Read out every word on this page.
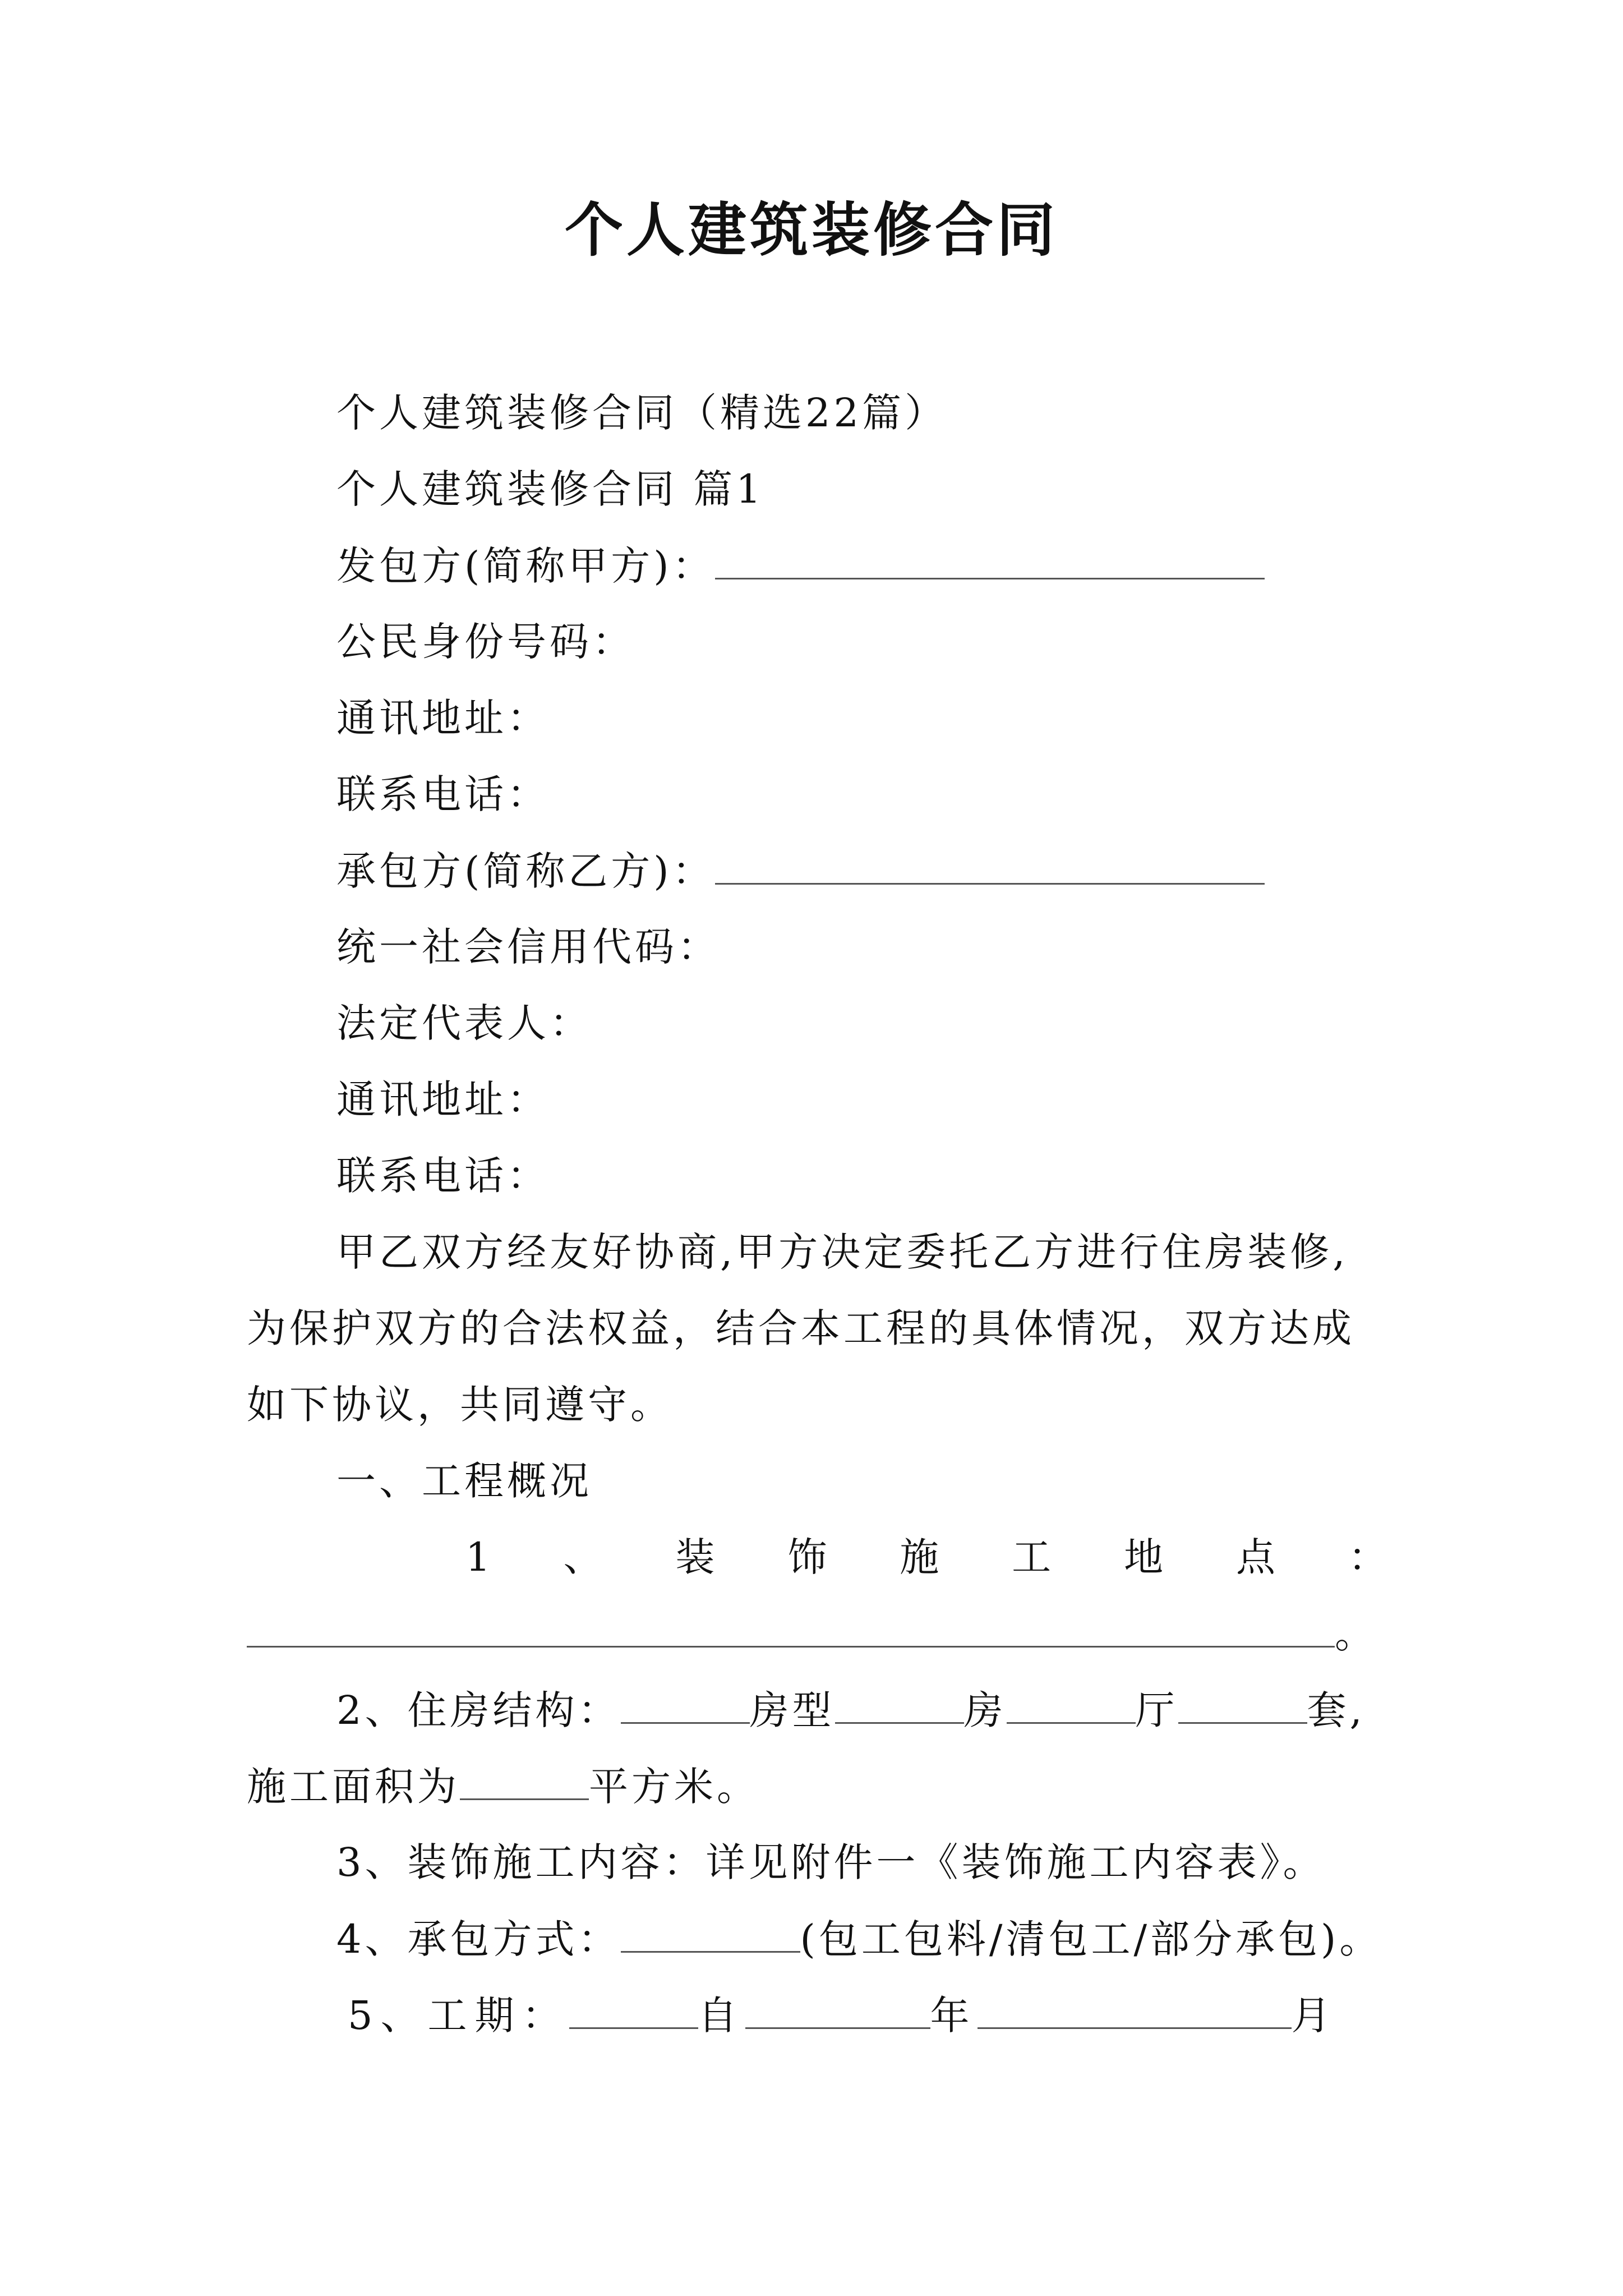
个人建筑装修合同
个人建筑装修合同（精选22篇）
个人建筑装修合同 篇1
发包方(简称甲方)：
公民身份号码：
通讯地址：
联系电话：
承包方(简称乙方)：
统一社会信用代码：
法定代表人：
通讯地址：
联系电话：
甲乙双方经友好协商,甲方决定委托乙方进行住房装修,
为保护双方的合法权益，结合本工程的具体情况，双方达成
如下协议，共同遵守。
一、工程概况
1 、 装 饰 施 工 地 点 ：
。
2、住房结构：	房型	房	厅	套,
施工面积为	平方米。
3、装饰施工内容：详见附件一《装饰施工内容表》。
4、承包方式：	(包工包料/清包工/部分承包)。
5、工期：	自	年	月
